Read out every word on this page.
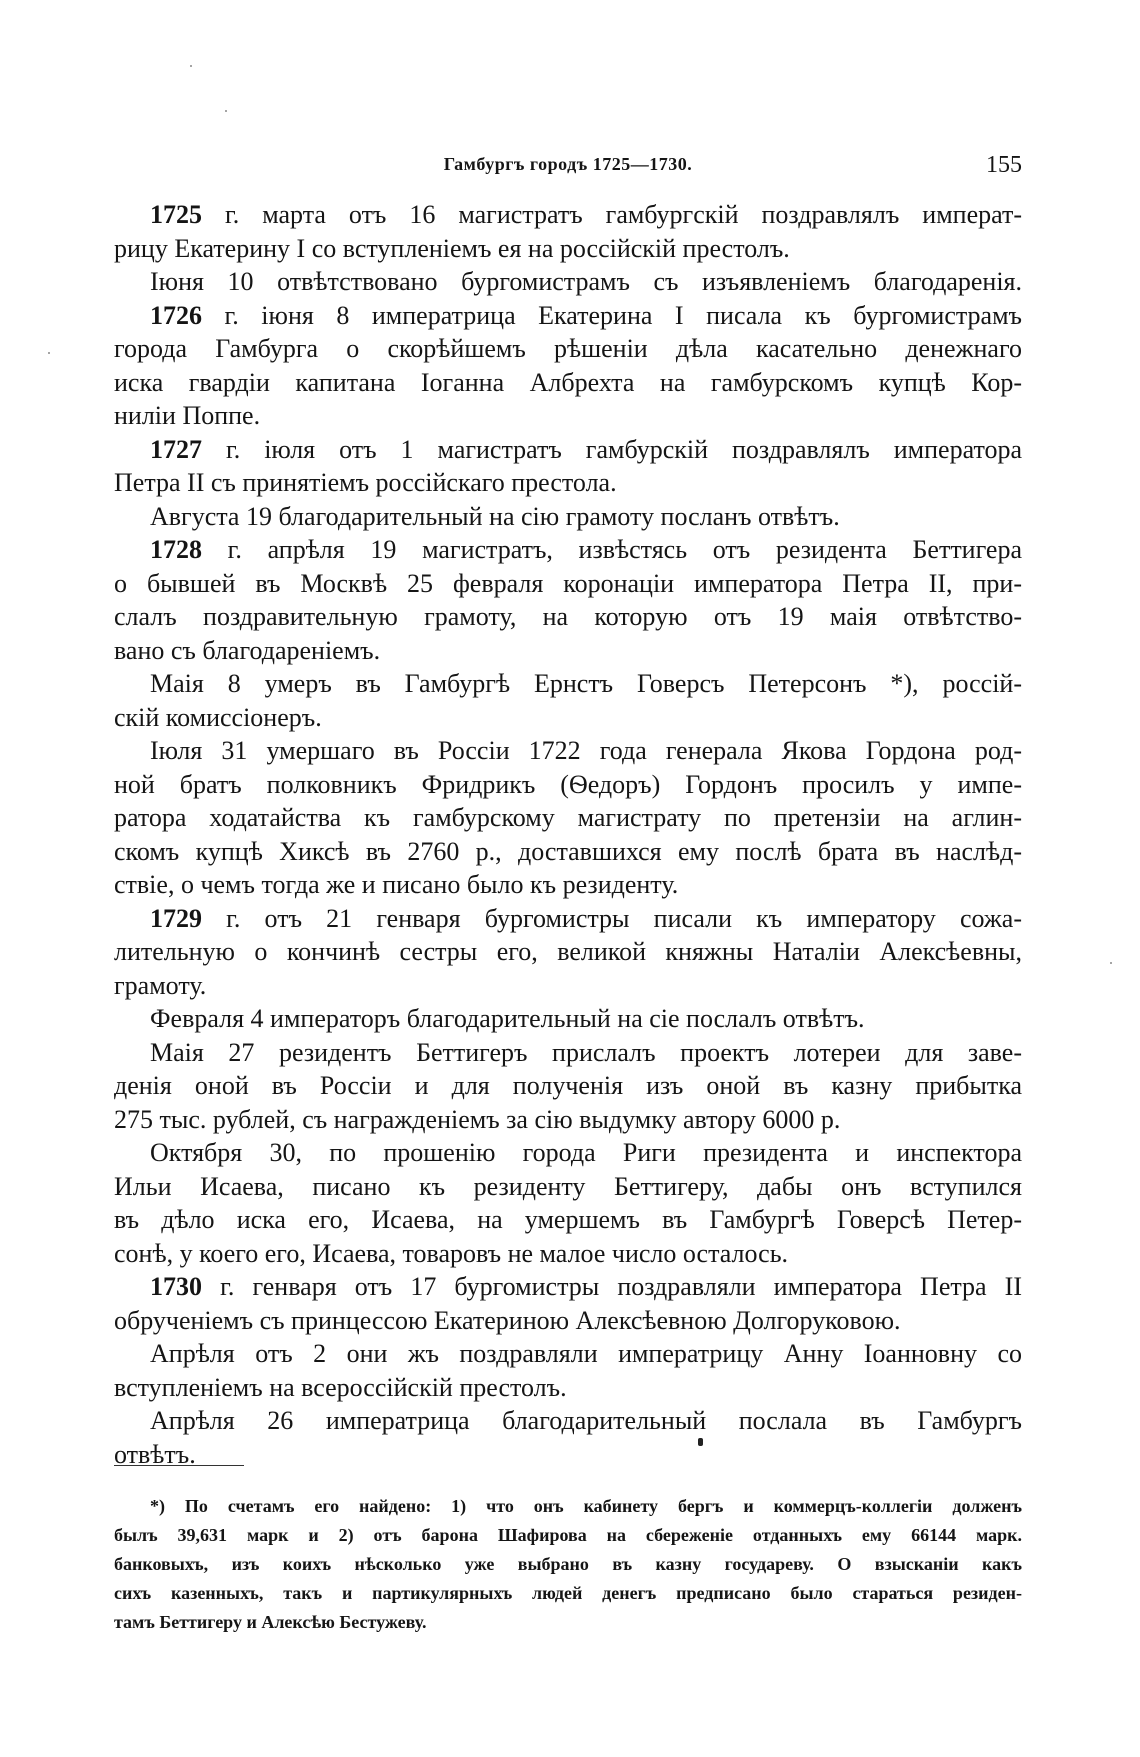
Гамбургъ городъ 1725—1730.	155
1725 г. марта отъ 16 магистратъ гамбургскій поздравлялъ императ-
рицу Екатерину I со вступленіемъ ея на россійскій престолъ.
Іюня 10 отвѣтствовано бургомистрамъ съ изъявленіемъ благодаренія.
1726 г. іюня 8 императрица Екатерина I писала къ бургомистрамъ
города Гамбурга о скорѣйшемъ рѣшеніи дѣла касательно денежнаго
иска гвардіи капитана Іоганна Албрехта на гамбурскомъ купцѣ Кор-
ниліи Поппе.
1727 г. іюля отъ 1 магистратъ гамбурскій поздравлялъ императора
Петра II съ принятіемъ россійскаго престола.
Августа 19 благодарительный на сію грамоту посланъ отвѣтъ.
1728 г. апрѣля 19 магистратъ, извѣстясь отъ резидента Беттигера
о бывшей въ Москвѣ 25 февраля коронаціи императора Петра II, при-
слалъ поздравительную грамоту, на которую отъ 19 маія отвѣтство-
вано съ благодареніемъ.
Маія 8 умеръ въ Гамбургѣ Ернстъ Говерсъ Петерсонъ *), россій-
скій комиссіонеръ.
Іюля 31 умершаго въ Россіи 1722 года генерала Якова Гордона род-
ной братъ полковникъ Фридрикъ (Ѳедоръ) Гордонъ просилъ у импе-
ратора ходатайства къ гамбурскому магистрату по претензіи на аглин-
скомъ купцѣ Хиксѣ въ 2760 р., доставшихся ему послѣ брата въ наслѣд-
ствіе, о чемъ тогда же и писано было къ резиденту.
1729 г. отъ 21 генваря бургомистры писали къ императору сожа-
лительную о кончинѣ сестры его, великой княжны Наталіи Алексѣевны,
грамоту.
Февраля 4 императоръ благодарительный на сіе послалъ отвѣтъ.
Маія 27 резидентъ Беттигеръ прислалъ проектъ лотереи для заве-
денія оной въ Россіи и для полученія изъ оной въ казну прибытка
275 тыс. рублей, съ награжденіемъ за сію выдумку автору 6000 р.
Октября 30, по прошенію города Риги президента и инспектора
Ильи Исаева, писано къ резиденту Беттигеру, дабы онъ вступился
въ дѣло иска его, Исаева, на умершемъ въ Гамбургѣ Говерсѣ Петер-
сонѣ, у коего его, Исаева, товаровъ не малое число осталось.
1730 г. генваря отъ 17 бургомистры поздравляли императора Петра II
обрученіемъ съ принцессою Екатериною Алексѣевною Долгоруковою.
Апрѣля отъ 2 они жъ поздравляли императрицу Анну Іоанновну со
вступленіемъ на всероссійскій престолъ.
Апрѣля 26 императрица благодарительный послала въ Гамбургъ
отвѣтъ.
*) По счетамъ его найдено: 1) что онъ кабинету бергъ и коммерцъ-коллегіи долженъ
былъ 39,631 марк и 2) отъ барона Шафирова на сбереженіе отданныхъ ему 66144 марк.
банковыхъ, изъ коихъ нѣсколько уже выбрано въ казну государеву. О взысканіи какъ
сихъ казенныхъ, такъ и партикулярныхъ людей денегъ предписано было стараться резиден-
тамъ Беттигеру и Алексѣю Бестужеву.
